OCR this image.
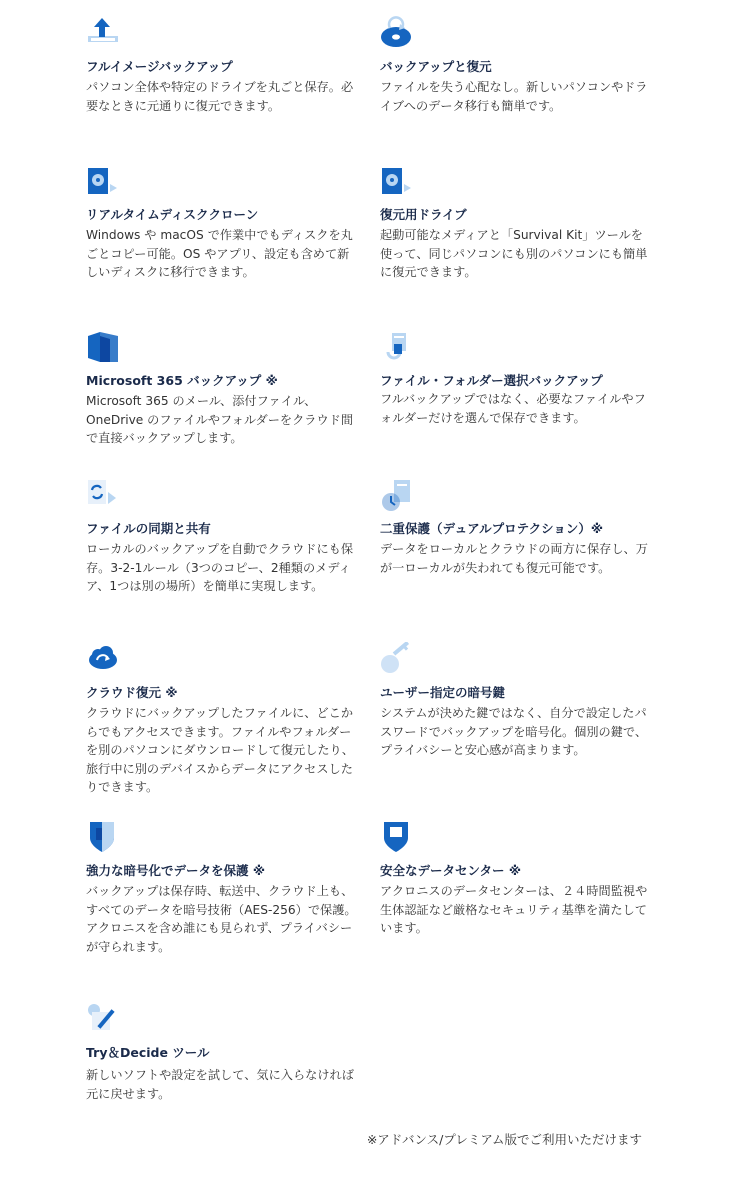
フルイメージバックアップ

パソコン全体や特定のドライブを丸ごと保存。必要なときに元通りに復元できます。

バックアップと復元

ファイルを失う心配なし。新しいパソコンやドライブへのデータ移行も簡単です。

リアルタイムディスククローン

Windows や macOS で作業中でもディスクを丸ごとコピー可能。OS やアプリ、設定も含めて新しいディスクに移行できます。

復元用ドライブ

起動可能なメディアと「Survival Kit」ツールを使って、同じパソコンにも別のパソコンにも簡単に復元できます。

Microsoft 365 バックアップ ※

Microsoft 365 のメール、添付ファイル、OneDrive のファイルやフォルダーをクラウド間で直接バックアップします。

ファイル・フォルダー選択バックアップ

フルバックアップではなく、必要なファイルやフォルダーだけを選んで保存できます。

ファイルの同期と共有

ローカルのバックアップを自動でクラウドにも保存。3-2-1ルール（3つのコピー、2種類のメディア、1つは別の場所）を簡単に実現します。

二重保護（デュアルプロテクション）※

データをローカルとクラウドの両方に保存し、万が一ローカルが失われても復元可能です。

クラウド復元 ※

クラウドにバックアップしたファイルに、どこからでもアクセスできます。ファイルやフォルダーを別のパソコンにダウンロードして復元したり、旅行中に別のデバイスからデータにアクセスしたりできます。

ユーザー指定の暗号鍵

システムが決めた鍵ではなく、自分で設定したパスワードでバックアップを暗号化。個別の鍵で、プライバシーと安心感が高まります。

強力な暗号化でデータを保護 ※

バックアップは保存時、転送中、クラウド上も、すべてのデータを暗号技術（AES-256）で保護。アクロニスを含め誰にも見られず、プライバシーが守られます。

安全なデータセンター ※

アクロニスのデータセンターは、２４時間監視や生体認証など厳格なセキュリティ基準を満たしています。

Try＆Decide ツール

新しいソフトや設定を試して、気に入らなければ元に戻せます。

※アドバンス/プレミアム版でご利用いただけます
